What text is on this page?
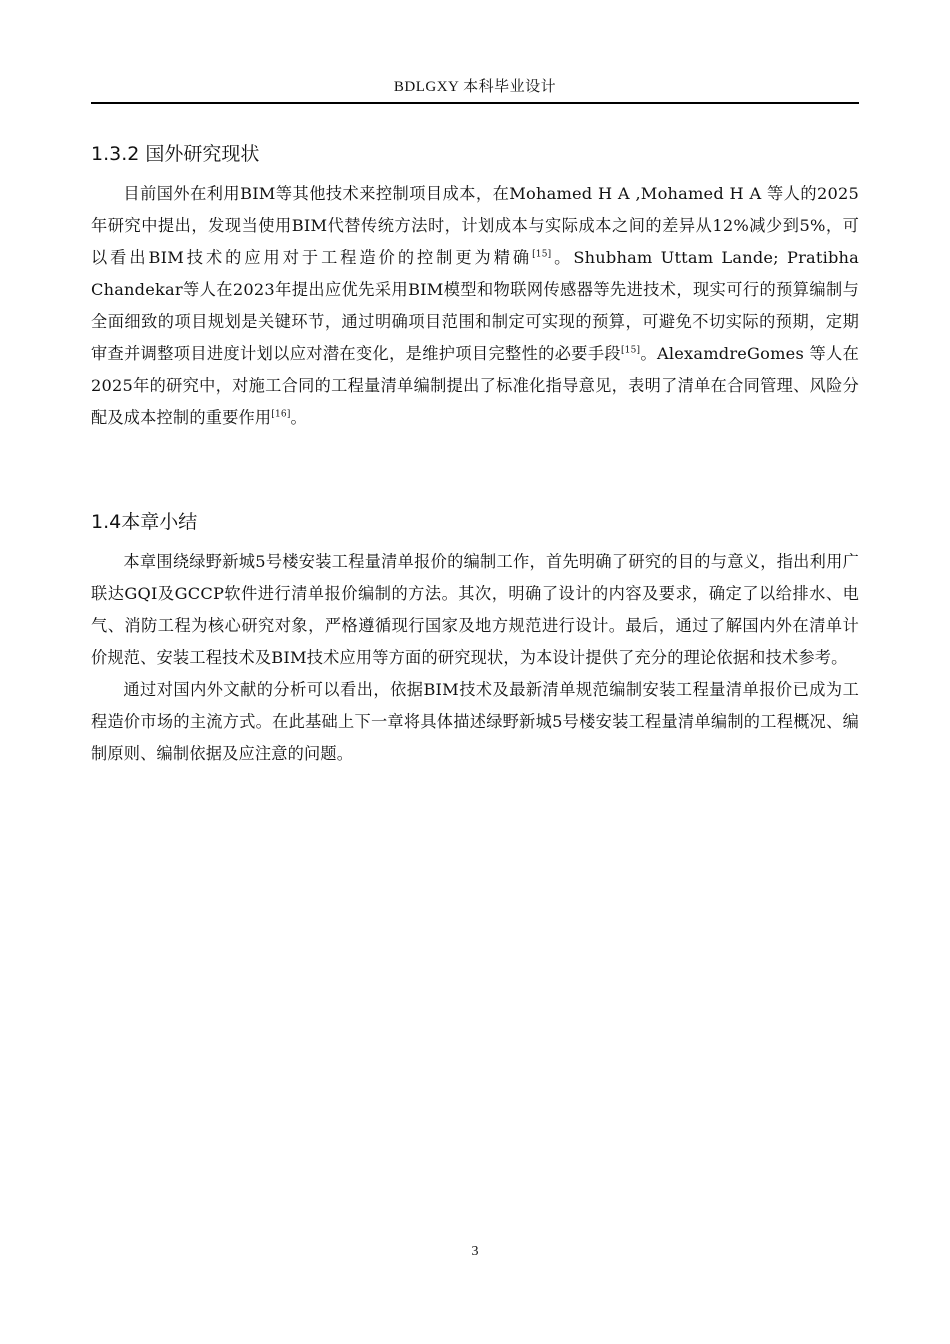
BDLGXY 本科毕业设计
1.3.2 国外研究现状

目前国外在利用BIM等其他技术来控制项目成本，在Mohamed H A ,Mohamed H A 等人的2025年研究中提出，发现当使用BIM代替传统方法时，计划成本与实际成本之间的差异从12%减少到5%，可以看出BIM技术的应用对于工程造价的控制更为精确[15]。Shubham Uttam Lande; Pratibha Chandekar等人在2023年提出应优先采用BIM模型和物联网传感器等先进技术，现实可行的预算编制与全面细致的项目规划是关键环节，通过明确项目范围和制定可实现的预算，可避免不切实际的预期，定期审查并调整项目进度计划以应对潜在变化，是维护项目完整性的必要手段[15]。AlexamdreGomes 等人在2025年的研究中，对施工合同的工程量清单编制提出了标准化指导意见，表明了清单在合同管理、风险分配及成本控制的重要作用[16]。

1.4本章小结

本章围绕绿野新城5号楼安装工程量清单报价的编制工作，首先明确了研究的目的与意义，指出利用广联达GQI及GCCP软件进行清单报价编制的方法。其次，明确了设计的内容及要求，确定了以给排水、电气、消防工程为核心研究对象，严格遵循现行国家及地方规范进行设计。最后，通过了解国内外在清单计价规范、安装工程技术及BIM技术应用等方面的研究现状，为本设计提供了充分的理论依据和技术参考。

通过对国内外文献的分析可以看出，依据BIM技术及最新清单规范编制安装工程量清单报价已成为工程造价市场的主流方式。在此基础上下一章将具体描述绿野新城5号楼安装工程量清单编制的工程概况、编制原则、编制依据及应注意的问题。

3
